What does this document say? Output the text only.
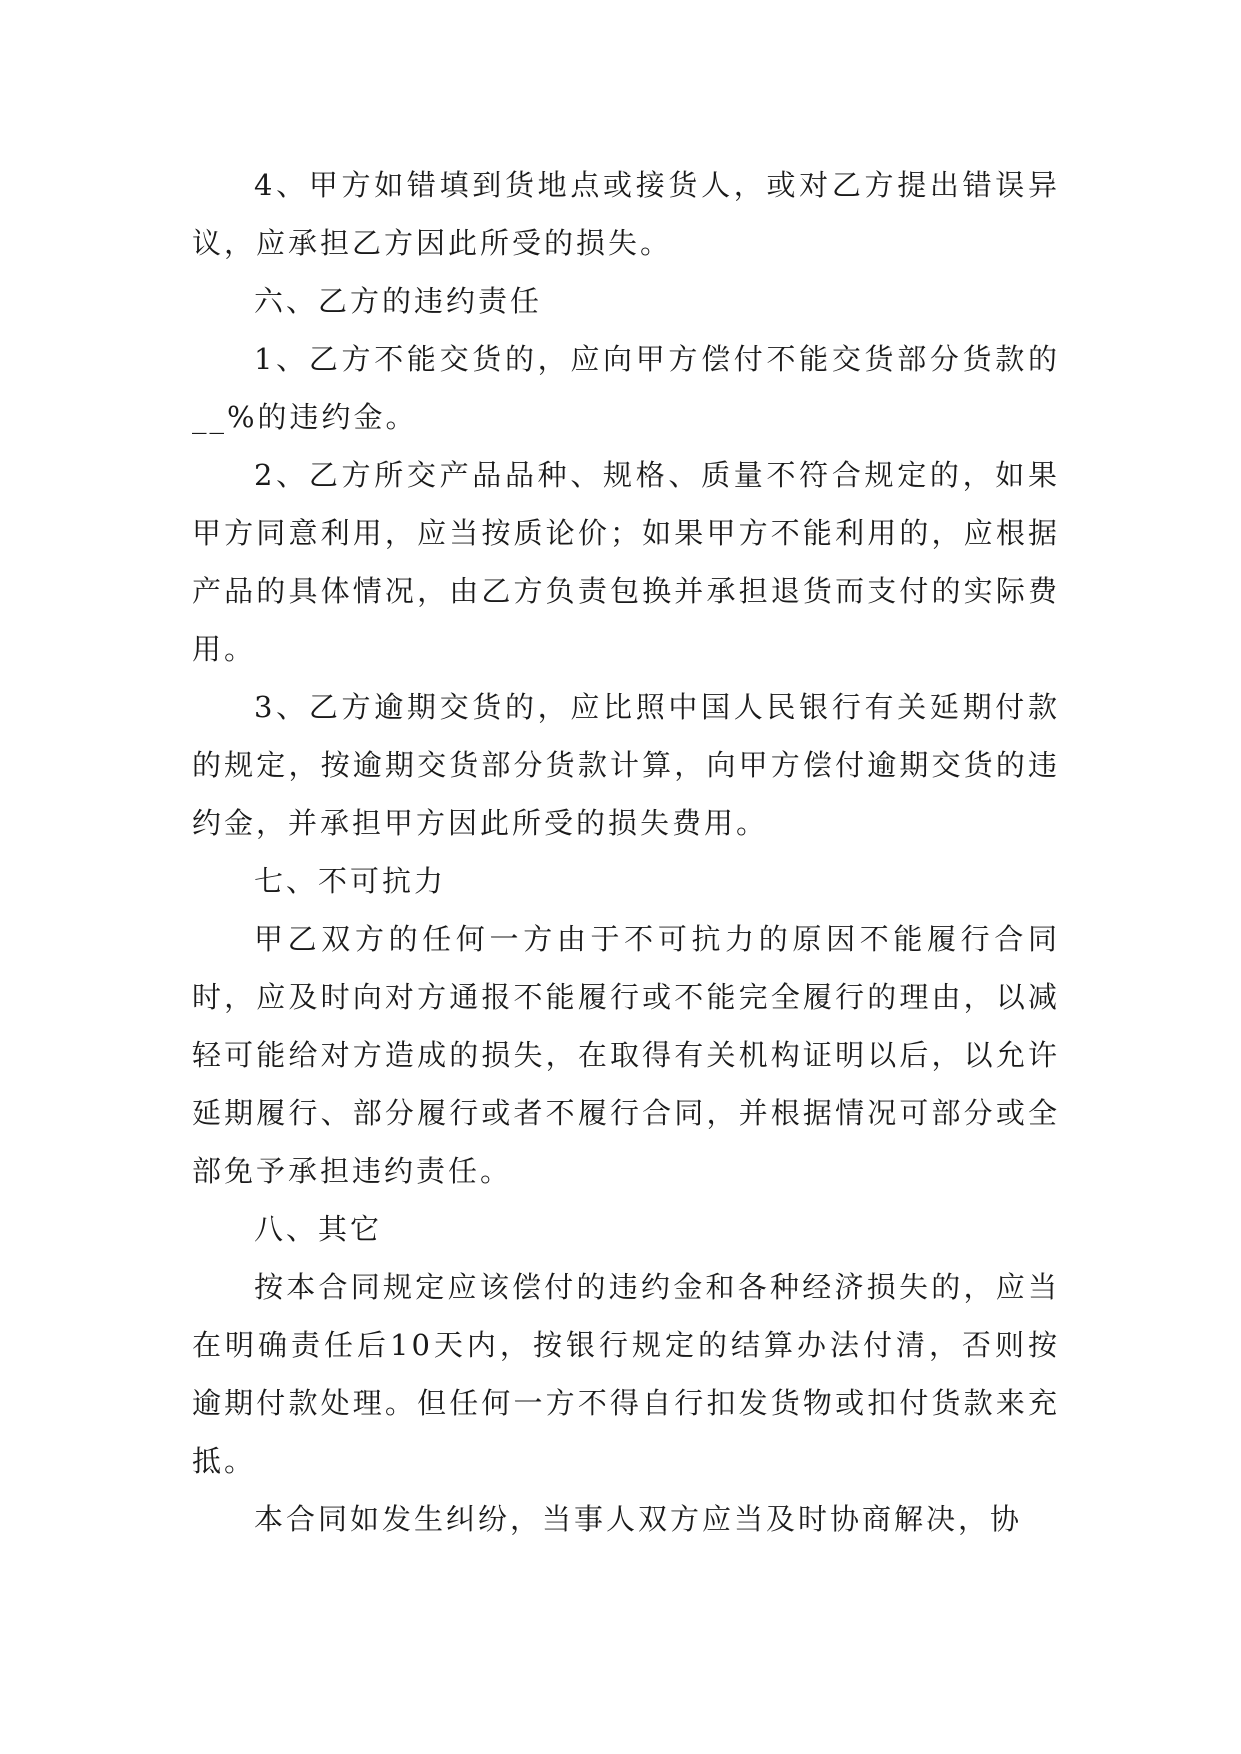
4、甲方如错填到货地点或接货人，或对乙方提出错误异议，应承担乙方因此所受的损失。

六、乙方的违约责任

1、乙方不能交货的，应向甲方偿付不能交货部分货款的__%的违约金。

2、乙方所交产品品种、规格、质量不符合规定的，如果甲方同意利用，应当按质论价；如果甲方不能利用的，应根据产品的具体情况，由乙方负责包换并承担退货而支付的实际费用。

3、乙方逾期交货的，应比照中国人民银行有关延期付款的规定，按逾期交货部分货款计算，向甲方偿付逾期交货的违约金，并承担甲方因此所受的损失费用。

七、不可抗力

甲乙双方的任何一方由于不可抗力的原因不能履行合同时，应及时向对方通报不能履行或不能完全履行的理由，以减轻可能给对方造成的损失，在取得有关机构证明以后，以允许延期履行、部分履行或者不履行合同，并根据情况可部分或全部免予承担违约责任。

八、其它

按本合同规定应该偿付的违约金和各种经济损失的，应当在明确责任后10天内，按银行规定的结算办法付清，否则按逾期付款处理。但任何一方不得自行扣发货物或扣付货款来充抵。

本合同如发生纠纷，当事人双方应当及时协商解决，协
